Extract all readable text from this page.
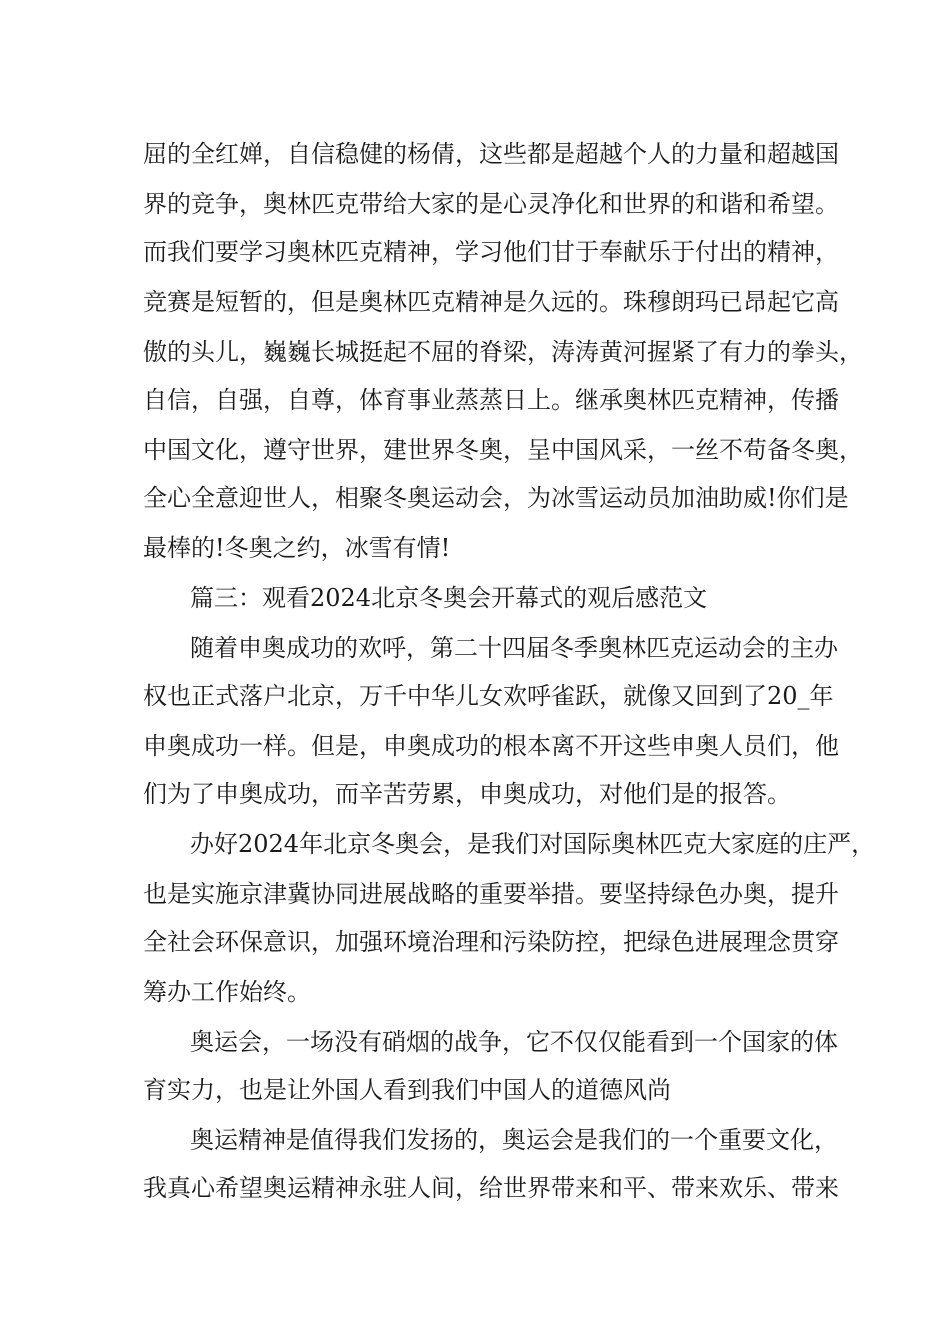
屈的全红婵，自信稳健的杨倩，这些都是超越个人的力量和超越国
界的竞争，奥林匹克带给大家的是心灵净化和世界的和谐和希望。
而我们要学习奥林匹克精神，学习他们甘于奉献乐于付出的精神，
竞赛是短暂的，但是奥林匹克精神是久远的。珠穆朗玛已昂起它高
傲的头儿，巍巍长城挺起不屈的脊梁，涛涛黄河握紧了有力的拳头，
自信，自强，自尊，体育事业蒸蒸日上。继承奥林匹克精神，传播
中国文化，遵守世界，建世界冬奥，呈中国风采，一丝不苟备冬奥，
全心全意迎世人，相聚冬奥运动会，为冰雪运动员加油助威!你们是
最棒的!冬奥之约，冰雪有情!
篇三：观看2024北京冬奥会开幕式的观后感范文
随着申奥成功的欢呼，第二十四届冬季奥林匹克运动会的主办
权也正式落户北京，万千中华儿女欢呼雀跃，就像又回到了20_年
申奥成功一样。但是，申奥成功的根本离不开这些申奥人员们，他
们为了申奥成功，而辛苦劳累，申奥成功，对他们是的报答。
办好2024年北京冬奥会，是我们对国际奥林匹克大家庭的庄严，
也是实施京津冀协同进展战略的重要举措。要坚持绿色办奥，提升
全社会环保意识，加强环境治理和污染防控，把绿色进展理念贯穿
筹办工作始终。
奥运会，一场没有硝烟的战争，它不仅仅能看到一个国家的体
育实力，也是让外国人看到我们中国人的道德风尚
奥运精神是值得我们发扬的，奥运会是我们的一个重要文化，
我真心希望奥运精神永驻人间，给世界带来和平、带来欢乐、带来
